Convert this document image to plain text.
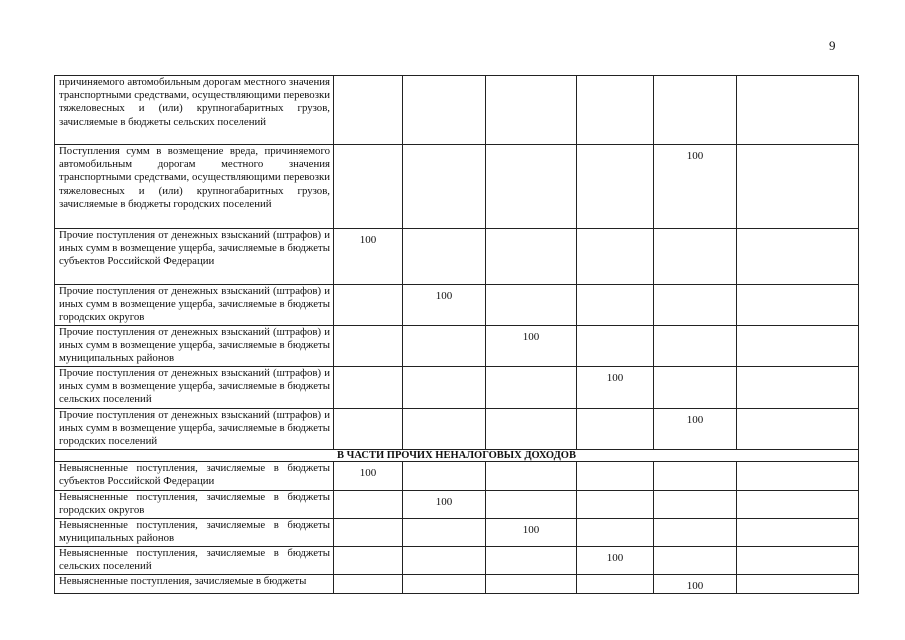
9
причиняемого автомобильным дорогам местного значения транспортными средствами, осуществляющими перевозки тяжеловесных и (или) крупногабаритных грузов, зачисляемые в бюджеты сельских поселений	

Поступления сумм в возмещение вреда, причиняемого автомобильным дорогам местного значения транспортными средствами, осуществляющими перевозки тяжеловесных и (или) крупногабаритных грузов, зачисляемые в бюджеты городских поселений					100	

Прочие поступления от денежных взысканий (штрафов) и иных сумм в возмещение ущерба, зачисляемые в бюджеты субъектов Российской Федерации	100					

Прочие поступления от денежных взысканий (штрафов) и иных сумм в возмещение ущерба, зачисляемые в бюджеты городских округов		100				

Прочие поступления от денежных взысканий (штрафов) и иных сумм в возмещение ущерба, зачисляемые в бюджеты муниципальных районов			100			

Прочие поступления от денежных взысканий (штрафов) и иных сумм в возмещение ущерба, зачисляемые в бюджеты сельских поселений				100		

Прочие поступления от денежных взысканий (штрафов) и иных сумм в возмещение ущерба, зачисляемые в бюджеты городских поселений					100	

В ЧАСТИ ПРОЧИХ НЕНАЛОГОВЫХ ДОХОДОВ						
Невыясненные поступления, зачисляемые в бюджеты субъектов Российской Федерации	100					

Невыясненные поступления, зачисляемые в бюджеты городских округов		100				

Невыясненные поступления, зачисляемые в бюджеты муниципальных районов			100			

Невыясненные поступления, зачисляемые в бюджеты сельских поселений				100		

Невыясненные поступления, зачисляемые в бюджеты					100	
